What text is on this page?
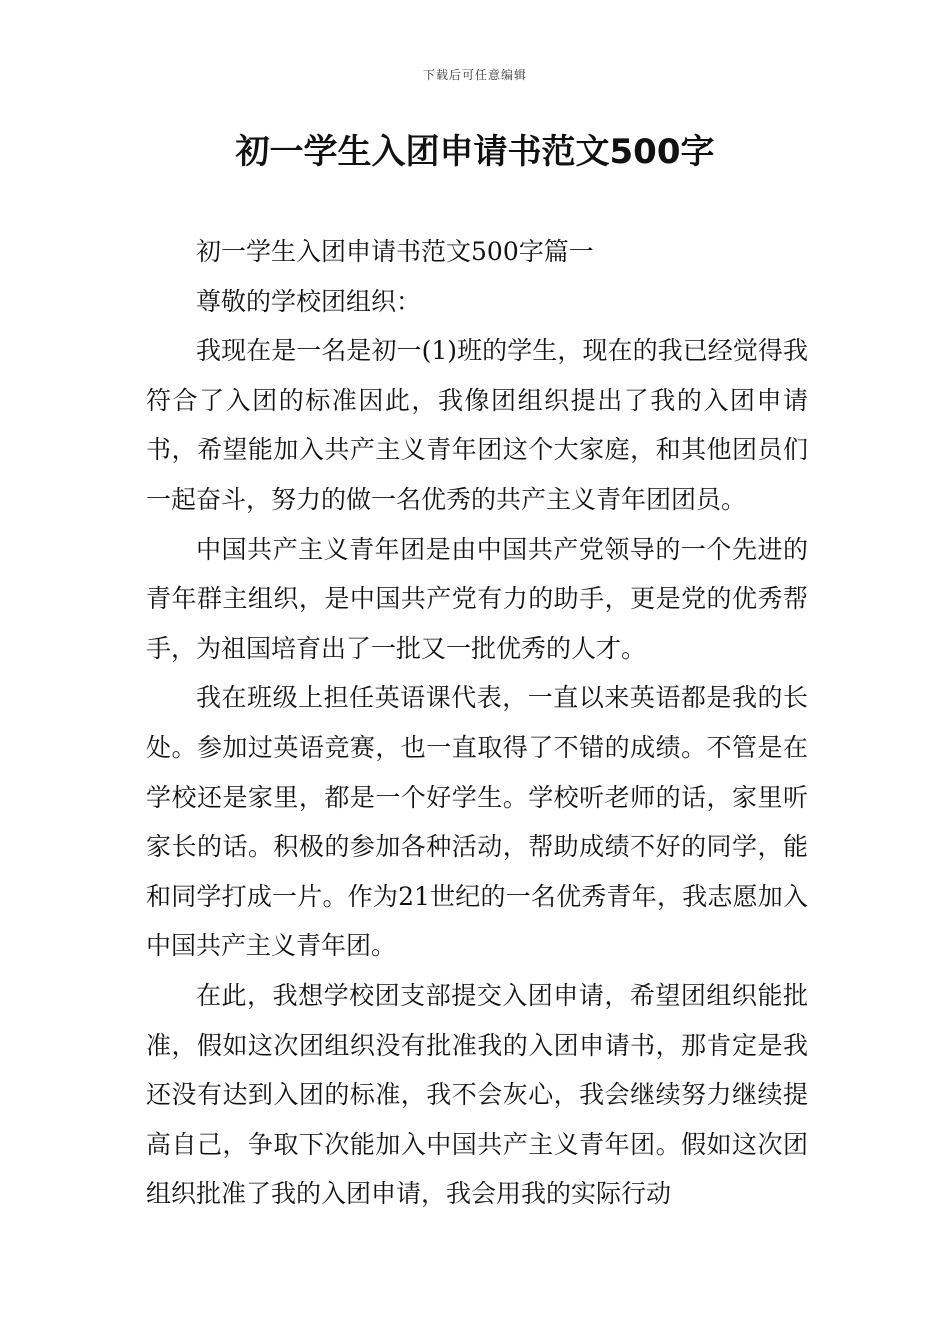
下载后可任意编辑
初一学生入团申请书范文500字

初一学生入团申请书范文500字篇一

尊敬的学校团组织：

我现在是一名是初一(1)班的学生，现在的我已经觉得我符合了入团的标准因此，我像团组织提出了我的入团申请书，希望能加入共产主义青年团这个大家庭，和其他团员们一起奋斗，努力的做一名优秀的共产主义青年团团员。

中国共产主义青年团是由中国共产党领导的一个先进的青年群主组织，是中国共产党有力的助手，更是党的优秀帮手，为祖国培育出了一批又一批优秀的人才。

我在班级上担任英语课代表，一直以来英语都是我的长处。参加过英语竞赛，也一直取得了不错的成绩。不管是在学校还是家里，都是一个好学生。学校听老师的话，家里听家长的话。积极的参加各种活动，帮助成绩不好的同学，能和同学打成一片。作为21世纪的一名优秀青年，我志愿加入中国共产主义青年团。

在此，我想学校团支部提交入团申请，希望团组织能批准，假如这次团组织没有批准我的入团申请书，那肯定是我还没有达到入团的标准，我不会灰心，我会继续努力继续提高自己，争取下次能加入中国共产主义青年团。假如这次团组织批准了我的入团申请，我会用我的实际行动
